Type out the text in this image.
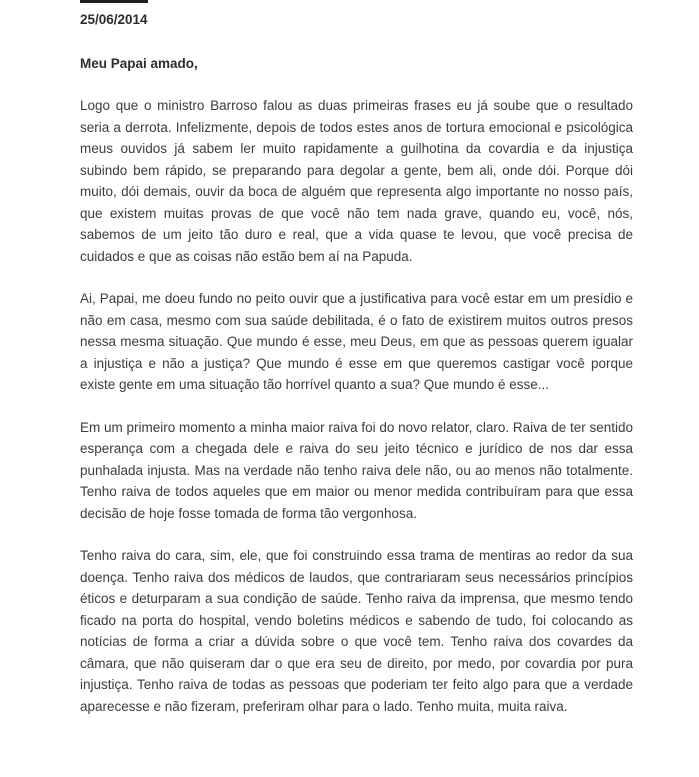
25/06/2014
Meu Papai amado,

Logo que o ministro Barroso falou as duas primeiras frases eu já soube que o resultado seria a derrota. Infelizmente, depois de todos estes anos de tortura emocional e psicológica meus ouvidos já sabem ler muito rapidamente a guilhotina da covardia e da injustiça subindo bem rápido, se preparando para degolar a gente, bem ali, onde dói. Porque dói muito, dói demais, ouvir da boca de alguém que representa algo importante no nosso país, que existem muitas provas de que você não tem nada grave, quando eu, você, nós, sabemos de um jeito tão duro e real, que a vida quase te levou, que você precisa de cuidados e que as coisas não estão bem aí na Papuda.

Ai, Papai, me doeu fundo no peito ouvir que a justificativa para você estar em um presídio e não em casa, mesmo com sua saúde debilitada, é o fato de existirem muitos outros presos nessa mesma situação. Que mundo é esse, meu Deus, em que as pessoas querem igualar a injustiça e não a justiça? Que mundo é esse em que queremos castigar você porque existe gente em uma situação tão horrível quanto a sua? Que mundo é esse...

Em um primeiro momento a minha maior raiva foi do novo relator, claro. Raiva de ter sentido esperança com a chegada dele e raiva do seu jeito técnico e jurídico de nos dar essa punhalada injusta. Mas na verdade não tenho raiva dele não, ou ao menos não totalmente. Tenho raiva de todos aqueles que em maior ou menor medida contribuíram para que essa decisão de hoje fosse tomada de forma tão vergonhosa.

Tenho raiva do cara, sim, ele, que foi construindo essa trama de mentiras ao redor da sua doença. Tenho raiva dos médicos de laudos, que contrariaram seus necessários princípios éticos e deturparam a sua condição de saúde. Tenho raiva da imprensa, que mesmo tendo ficado na porta do hospital, vendo boletins médicos e sabendo de tudo, foi colocando as notícias de forma a criar a dúvida sobre o que você tem. Tenho raiva dos covardes da câmara, que não quiseram dar o que era seu de direito, por medo, por covardia por pura injustiça. Tenho raiva de todas as pessoas que poderiam ter feito algo para que a verdade aparecesse e não fizeram, preferiram olhar para o lado. Tenho muita, muita raiva.
